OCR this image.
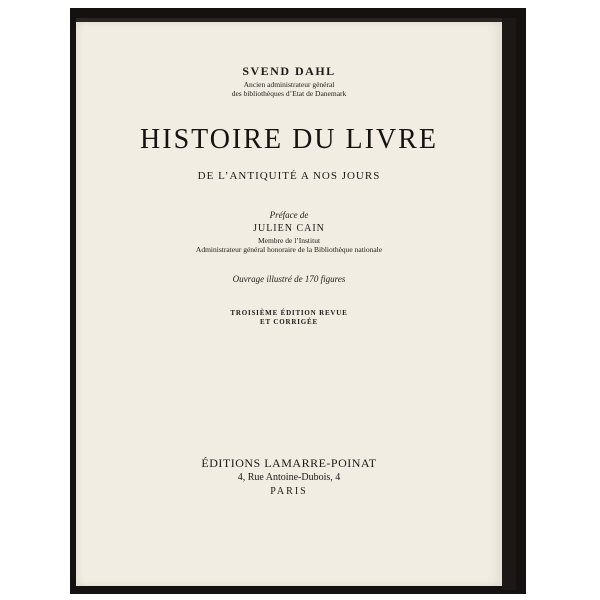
SVEND DAHL
Ancien administrateur général
des bibliothèques d’Etat de Danemark
HISTOIRE DU LIVRE
DE L’ANTIQUITÉ A NOS JOURS
Préface de
JULIEN CAIN
Membre de l’Institut
Administrateur général honoraire de la Bibliothèque nationale
Ouvrage illustré de 170 figures
TROISIÈME ÉDITION REVUE
ET CORRIGÉE
ÉDITIONS LAMARRE-POINAT
4, Rue Antoine-Dubois, 4
PARIS
